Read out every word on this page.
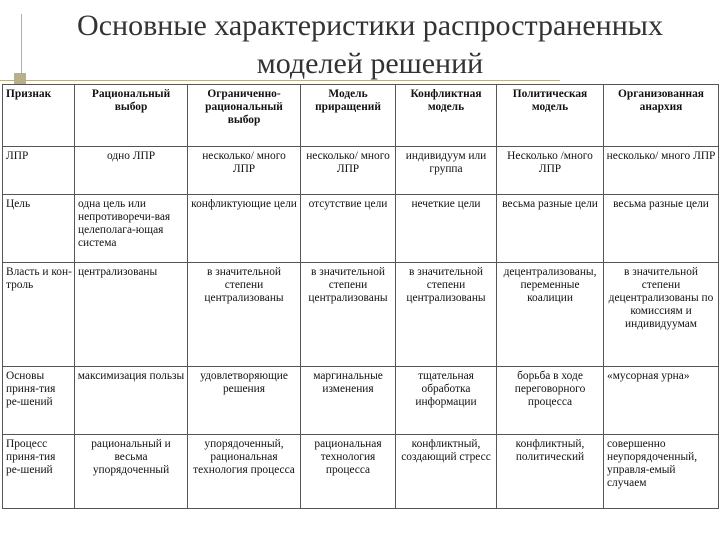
Основные характеристики распространенных
моделей решений
Признак	Рациональный выбор	Ограниченно-рациональный выбор	Модель приращений	Конфликтная модель	Политическая модель	Организованная анархия
ЛПР	одно ЛПР	несколько/ много ЛПР	несколько/ много ЛПР	индивидуум или группа	Несколько /много ЛПР	несколько/ много ЛПР
Цель	одна цель или непротиворечи-вая целеполага-ющая система	конфликтующие цели	отсутствие цели	нечеткие цели	весьма разные цели	весьма разные цели
Власть и кон-троль	централизованы	в значительной степени централизованы	в значительной степени централизованы	в значительной степени централизованы	децентрализованы, переменные коалиции	в значительной степени децентрализованы по комиссиям и индивидуумам
Основы приня-тия ре-шений	максимизация пользы	удовлетворяющие решения	маргинальные изменения	тщательная обработка информации	борьба в ходе переговорного процесса	«мусорная урна»
Процесс приня-тия ре-шений	рациональный и весьма упорядоченный	упорядоченный, рациональная технология процесса	рациональная технология процесса	конфликтный, создающий стресс	конфликтный, политический	совершенно неупорядоченный, управля-емый случаем
